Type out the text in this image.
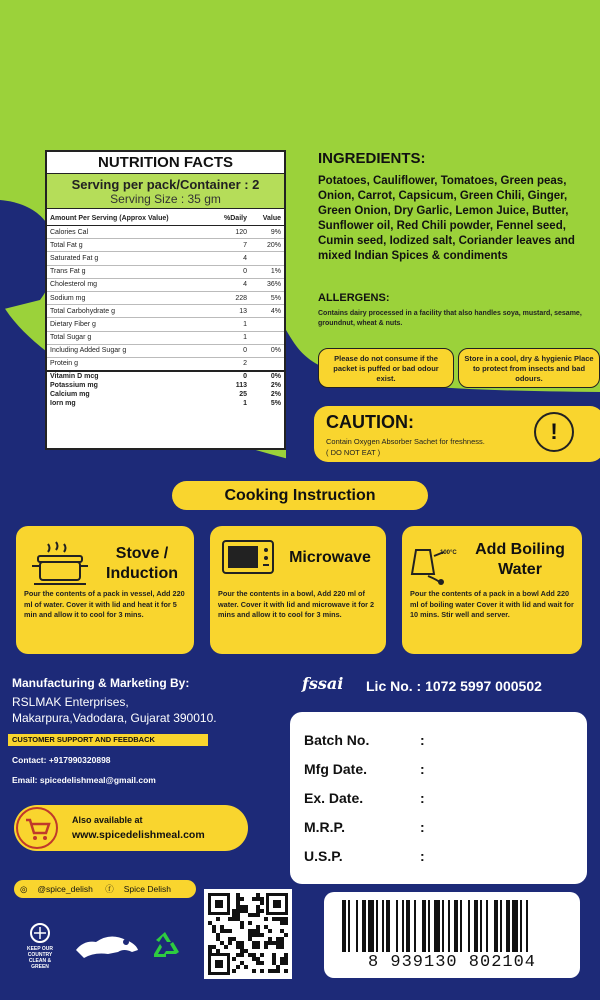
NUTRITION FACTS
Serving per pack/Container : 2
Serving Size : 35 gm
Amount Per Serving (Approx Value)	%Daily	Value
Calories Cal	120	9%
Total Fat g	7	20%
Saturated Fat g	4	
Trans Fat g	0	1%
Cholesterol mg	4	36%
Sodium mg	228	5%
Total Carbohydrate g	13	4%
Dietary Fiber g	1	
Total Sugar g	1	
Including Added Sugar g	0	0%
Protein g	2	
Vitamin D mcg	0	0%
Potassium mg	113	2%
Calcium mg	25	2%
Iorn mg	1	5%
INGREDIENTS:
Potatoes, Cauliflower, Tomatoes, Green peas, Onion, Carrot, Capsicum, Green Chili, Ginger, Green Onion, Dry Garlic, Lemon Juice, Butter, Sunflower oil, Red Chili powder, Fennel seed, Cumin seed, Iodized salt, Coriander leaves and mixed Indian Spices & condiments
ALLERGENS:
Contains dairy processed in a facility that also handles soya, mustard, sesame, groundnut, wheat & nuts.
Please do not consume if the packet is puffed or bad odour exist.
Store in a cool, dry & hygienic Place to protect from insects and bad odours.
CAUTION:
Contain Oxygen Absorber Sachet for freshness.
( DO NOT EAT )
!
Cooking Instruction
Stove / Induction
Pour the contents of a pack in vessel, Add 220 ml of water. Cover it with lid and heat it for 5 min and allow it to cool for 3 mins.
Microwave
Pour the contents in a bowl, Add 220 ml of water. Cover it with lid and microwave it for 2 mins and allow it to cool for 3 mins.
100°C	Add Boiling Water
Pour the contents of a pack in a bowl Add 220 ml of boiling water Cover it with lid and wait for 10 mins. Stir well and server.
Manufacturing & Marketing By:
RSLMAK Enterprises,
Makarpura,Vadodara, Gujarat 390010.
CUSTOMER SUPPORT AND FEEDBACK
Contact: +917990320898
Email: spicedelishmeal@gmail.com
Also available at
www.spicedelishmeal.com
◎ @spice_delish ⓕ Spice Delish
KEEP OUR COUNTRY CLEAN & GREEN
fssai Lic No. : 1072 5997 000502
Batch No.	:
Mfg Date.	:
Ex. Date.	:
M.R.P.	:
U.S.P.	:
8 939130 802104
